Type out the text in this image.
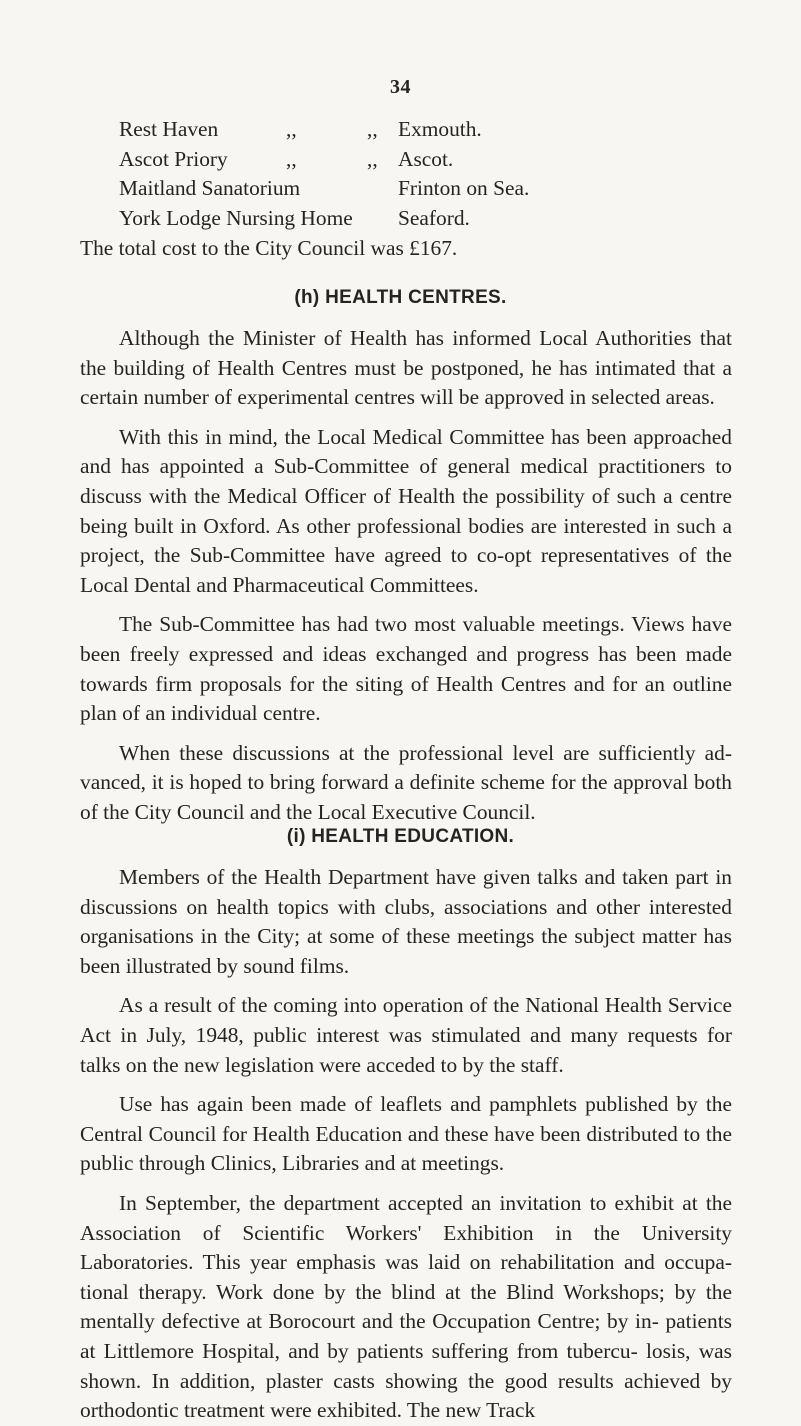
34
Rest Haven	,,	,, Exmouth.
Ascot Priory	,,	,, Ascot.
Maitland Sanatorium	Frinton on Sea.
York Lodge Nursing Home Seaford.
The total cost to the City Council was £167.
(h) HEALTH CENTRES.

Although the Minister of Health has informed Local Authorities that the building of Health Centres must be postponed, he has intimated that a certain number of experimental centres will be approved in selected areas.

With this in mind, the Local Medical Committee has been approached and has appointed a Sub-Committee of general medical practitioners to discuss with the Medical Officer of Health the possibility of such a centre being built in Oxford. As other professional bodies are interested in such a project, the Sub-Committee have agreed to co-opt representatives of the Local Dental and Pharmaceutical Committees.

The Sub-Committee has had two most valuable meetings. Views have been freely expressed and ideas exchanged and progress has been made towards firm proposals for the siting of Health Centres and for an outline plan of an individual centre.

When these discussions at the professional level are sufficiently ad- vanced, it is hoped to bring forward a definite scheme for the approval both of the City Council and the Local Executive Council.

(i) HEALTH EDUCATION.

Members of the Health Department have given talks and taken part in discussions on health topics with clubs, associations and other interested organisations in the City; at some of these meetings the subject matter has been illustrated by sound films.

As a result of the coming into operation of the National Health Service Act in July, 1948, public interest was stimulated and many requests for talks on the new legislation were acceded to by the staff.

Use has again been made of leaflets and pamphlets published by the Central Council for Health Education and these have been distributed to the public through Clinics, Libraries and at meetings.

In September, the department accepted an invitation to exhibit at the Association of Scientific Workers' Exhibition in the University Laboratories. This year emphasis was laid on rehabilitation and occupa- tional therapy. Work done by the blind at the Blind Workshops; by the mentally defective at Borocourt and the Occupation Centre; by in- patients at Littlemore Hospital, and by patients suffering from tubercu- losis, was shown. In addition, plaster casts showing the good results achieved by orthodontic treatment were exhibited. The new Track
